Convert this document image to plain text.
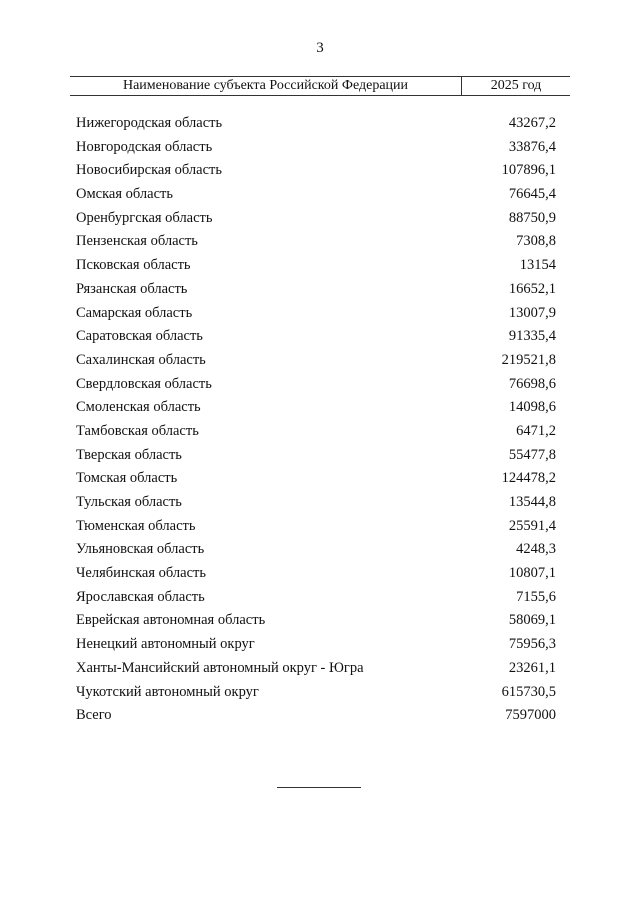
3
Наименование субъекта Российской Федерации	2025 год
Нижегородская область	43267,2
Новгородская область	33876,4
Новосибирская область	107896,1
Омская область	76645,4
Оренбургская область	88750,9
Пензенская область	7308,8
Псковская область	13154
Рязанская область	16652,1
Самарская область	13007,9
Саратовская область	91335,4
Сахалинская область	219521,8
Свердловская область	76698,6
Смоленская область	14098,6
Тамбовская область	6471,2
Тверская область	55477,8
Томская область	124478,2
Тульская область	13544,8
Тюменская область	25591,4
Ульяновская область	4248,3
Челябинская область	10807,1
Ярославская область	7155,6
Еврейская автономная область	58069,1
Ненецкий автономный округ	75956,3
Ханты-Мансийский автономный округ - Югра	23261,1
Чукотский автономный округ	615730,5
Всего	7597000
